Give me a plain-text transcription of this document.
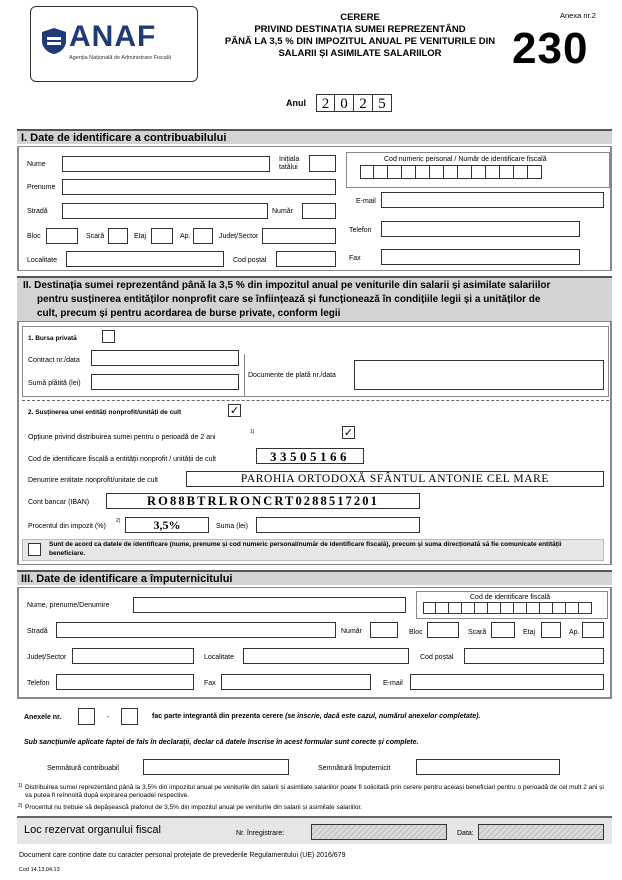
ANAF
Agenția Națională de Administrare Fiscală
CERERE
PRIVIND DESTINAȚIA SUMEI REPREZENTÂND
PÂNĂ LA 3,5 % DIN IMPOZITUL ANUAL PE VENITURILE DIN
SALARII ȘI ASIMILATE SALARIILOR
Anexa nr.2
230
Anul	2 0 2 5
I. Date de identificare a contribuabilului
Nume
Inițiala
tatălui
Prenume
Stradă	Număr
Bloc	Scară	Etaj	Ap.	Județ/Sector
Localitate	Cod poștal
Cod numeric personal / Număr de identificare fiscală
E-mail
Telefon
Fax
II. Destinația sumei reprezentând până la 3,5 % din impozitul anual pe veniturile din salarii și asimilate salariilor
pentru susținerea entităților nonprofit care se înființează și funcționează în condițiile legii și a unităților de
cult, precum și pentru acordarea de burse private, conform legii
1. Bursa privată
Contract nr./data
Sumă plătită (lei)
Documente de plată nr./data
2. Susținerea unei entități nonprofit/unități de cult	✓
Opțiune privind distribuirea sumei pentru o perioadă de 2 ani
1)	✓
Cod de identificare fiscală a entității nonprofit / unității de cult	33505166
Denumire entitate nonprofit/unitate de cult	PAROHIA ORTODOXĂ SFÂNTUL ANTONIE CEL MARE
Cont bancar (IBAN)	RO88BTRLRONCRT0288517201
Procentul din impozit (%)
2)	3,5%	Suma (lei)
Sunt de acord ca datele de identificare (nume, prenume și cod numeric personal/număr de identificare fiscală), precum și suma direcționată să fie comunicate entității beneficiare.
III. Date de identificare a împuternicitului
Nume, prenume/Denumire
Cod de identificare fiscală
Stradă	Număr	Bloc	Scară	Etaj	Ap.
Județ/Sector	Localitate	Cod poștal
Telefon	Fax	E-mail
Anexele nr.	-	fac parte integrantă din prezenta cerere (se înscrie, dacă este cazul, numărul anexelor completate).
Sub sancțiunile aplicate faptei de fals în declarații, declar că datele înscrise în acest formular sunt corecte și complete.
Semnătură contribuabil	Semnătură împuternicit
1) Distribuirea sumei reprezentând până la 3,5% din impozitul anual pe veniturile din salarii și asimilate salariilor poate fi solicitată prin cerere pentru aceiași beneficiari pentru o perioadă de cel mult 2 ani și va putea fi reînnoită după expirarea perioadei respective.
2) Procentul nu trebuie să depășească plafonul de 3,5% din impozitul anual pe veniturile din salarii și asimilate salariilor.
Loc rezervat organului fiscal	Nr. înregistrare:	Data:
Document care conține date cu caracter personal protejate de prevederile Regulamentului (UE) 2016/679
Cod 14.13.04.13
